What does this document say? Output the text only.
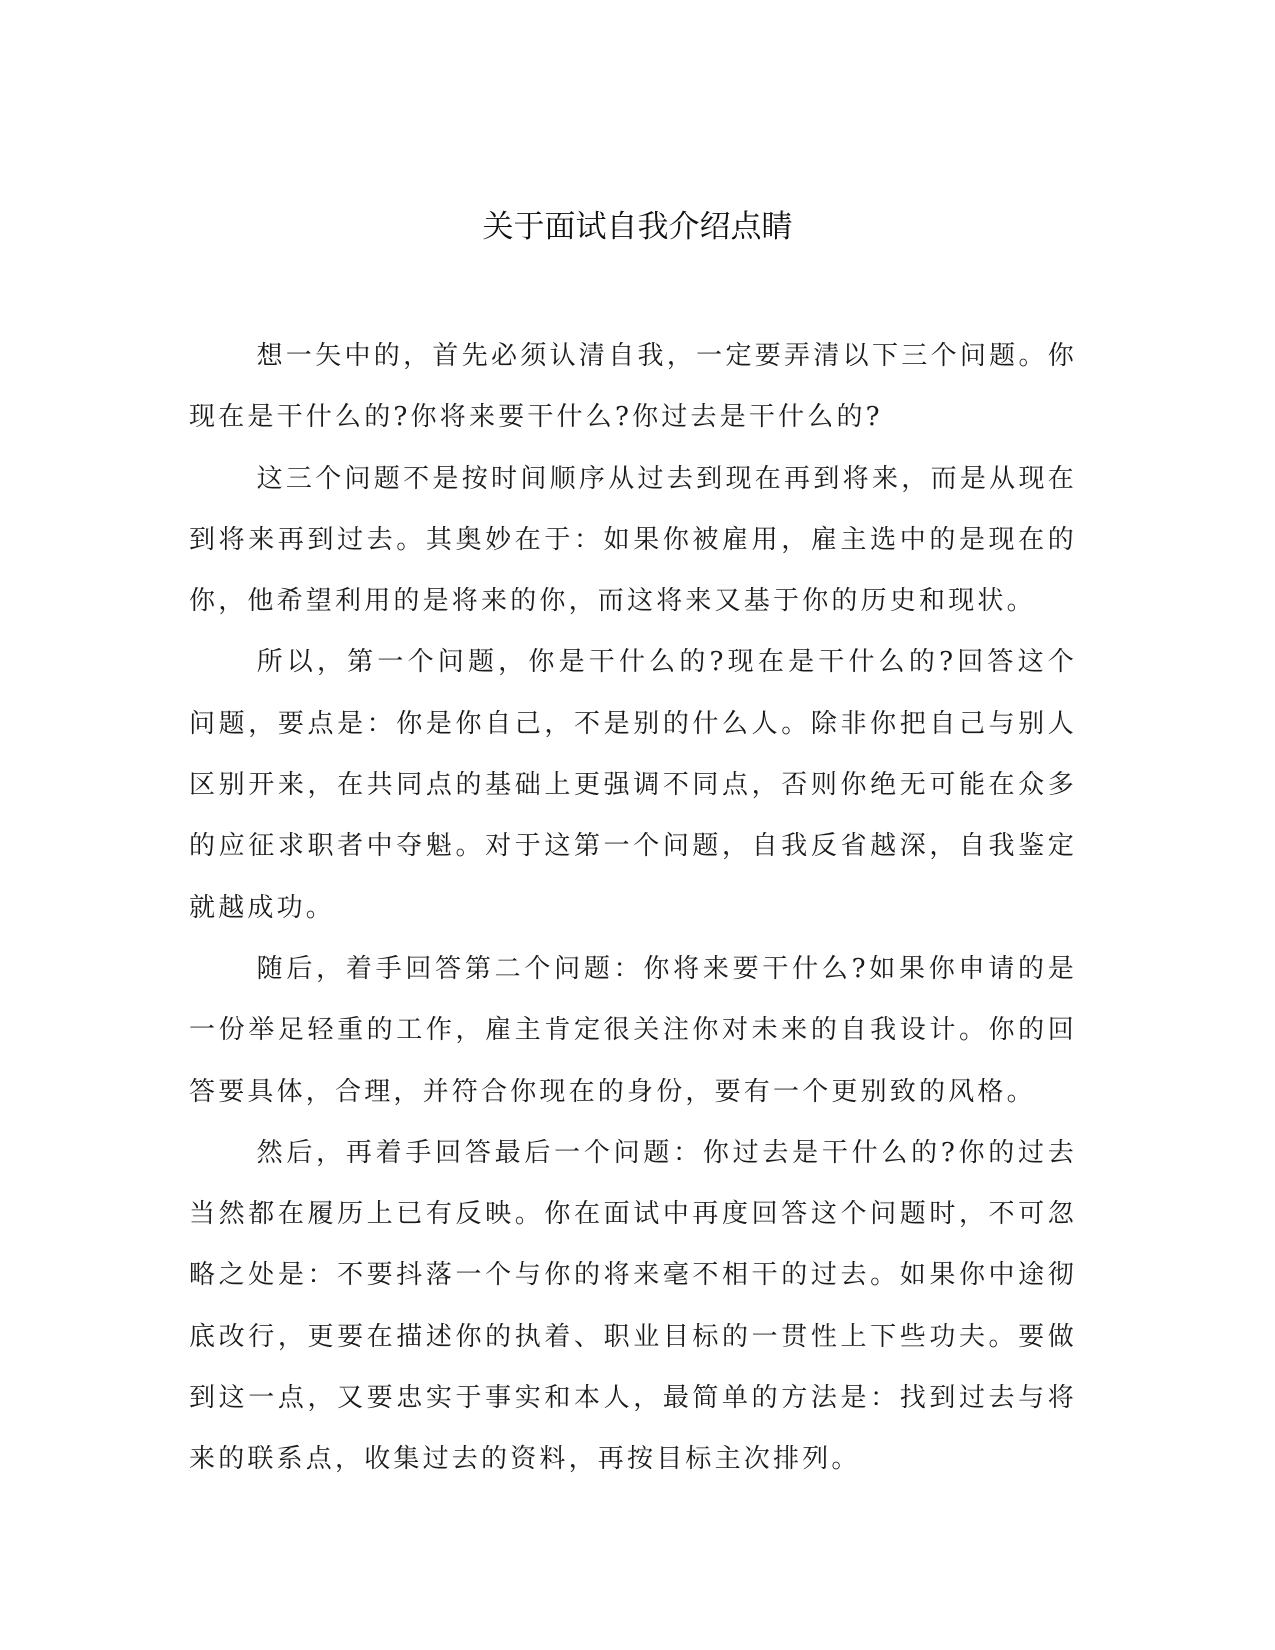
关于面试自我介绍点睛

想一矢中的，首先必须认清自我，一定要弄清以下三个问题。你现在是干什么的?你将来要干什么?你过去是干什么的?

这三个问题不是按时间顺序从过去到现在再到将来，而是从现在到将来再到过去。其奥妙在于：如果你被雇用，雇主选中的是现在的你，他希望利用的是将来的你，而这将来又基于你的历史和现状。

所以，第一个问题，你是干什么的?现在是干什么的?回答这个问题，要点是：你是你自己，不是别的什么人。除非你把自己与别人区别开来，在共同点的基础上更强调不同点，否则你绝无可能在众多的应征求职者中夺魁。对于这第一个问题，自我反省越深，自我鉴定就越成功。

随后，着手回答第二个问题：你将来要干什么?如果你申请的是一份举足轻重的工作，雇主肯定很关注你对未来的自我设计。你的回答要具体，合理，并符合你现在的身份，要有一个更别致的风格。

然后，再着手回答最后一个问题：你过去是干什么的?你的过去当然都在履历上已有反映。你在面试中再度回答这个问题时，不可忽略之处是：不要抖落一个与你的将来毫不相干的过去。如果你中途彻底改行，更要在描述你的执着、职业目标的一贯性上下些功夫。要做到这一点，又要忠实于事实和本人，最简单的方法是：找到过去与将来的联系点，收集过去的资料，再按目标主次排列。
